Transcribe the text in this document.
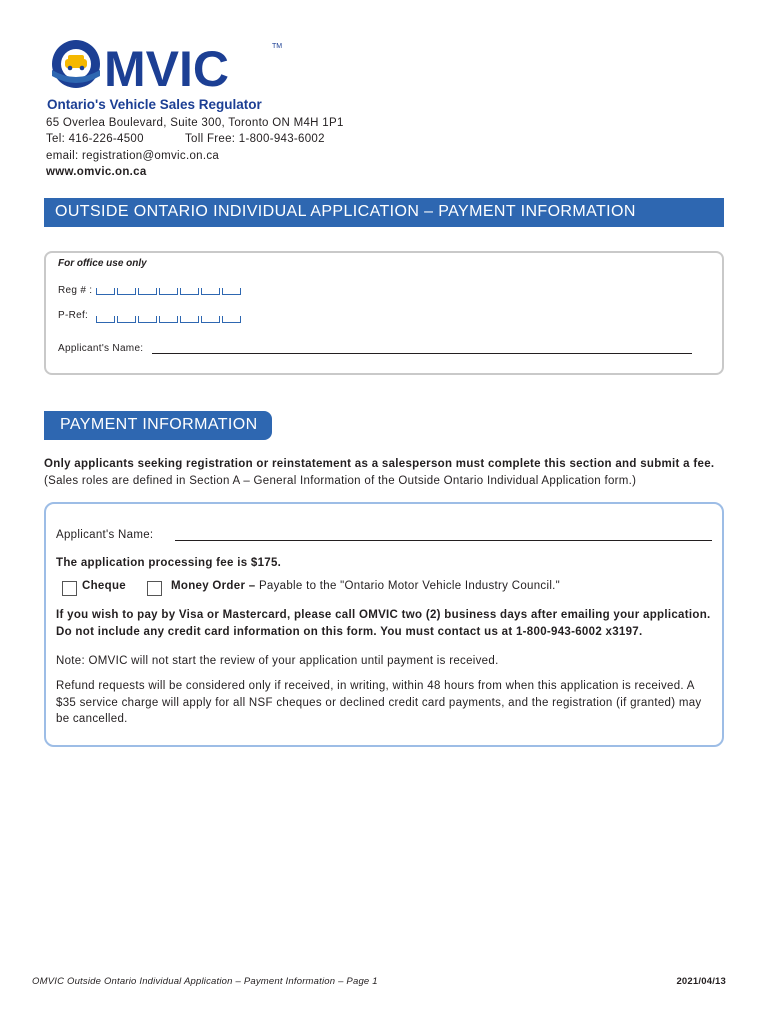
MVIC	TM
Ontario's Vehicle Sales Regulator
65 Overlea Boulevard, Suite 300, Toronto ON M4H 1P1
Tel: 416-226-4500	Toll Free: 1-800-943-6002
email: registration@omvic.on.ca
www.omvic.on.ca
OUTSIDE ONTARIO INDIVIDUAL APPLICATION – PAYMENT INFORMATION
For office use only
Reg # :
P-Ref:
Applicant's Name:
PAYMENT INFORMATION
Only applicants seeking registration or reinstatement as a salesperson must complete this section and submit a fee.
(Sales roles are defined in Section A – General Information of the Outside Ontario Individual Application form.)
Applicant's Name:
The application processing fee is $175.
Cheque	Money Order – Payable to the "Ontario Motor Vehicle Industry Council."
If you wish to pay by Visa or Mastercard, please call OMVIC two (2) business days after emailing your application.
Do not include any credit card information on this form. You must contact us at 1-800-943-6002 x3197.
Note: OMVIC will not start the review of your application until payment is received.
Refund requests will be considered only if received, in writing, within 48 hours from when this application is received. A $35 service charge will apply for all NSF cheques or declined credit card payments, and the registration (if granted) may be cancelled.
OMVIC Outside Ontario Individual Application – Payment Information – Page 1	2021/04/13
